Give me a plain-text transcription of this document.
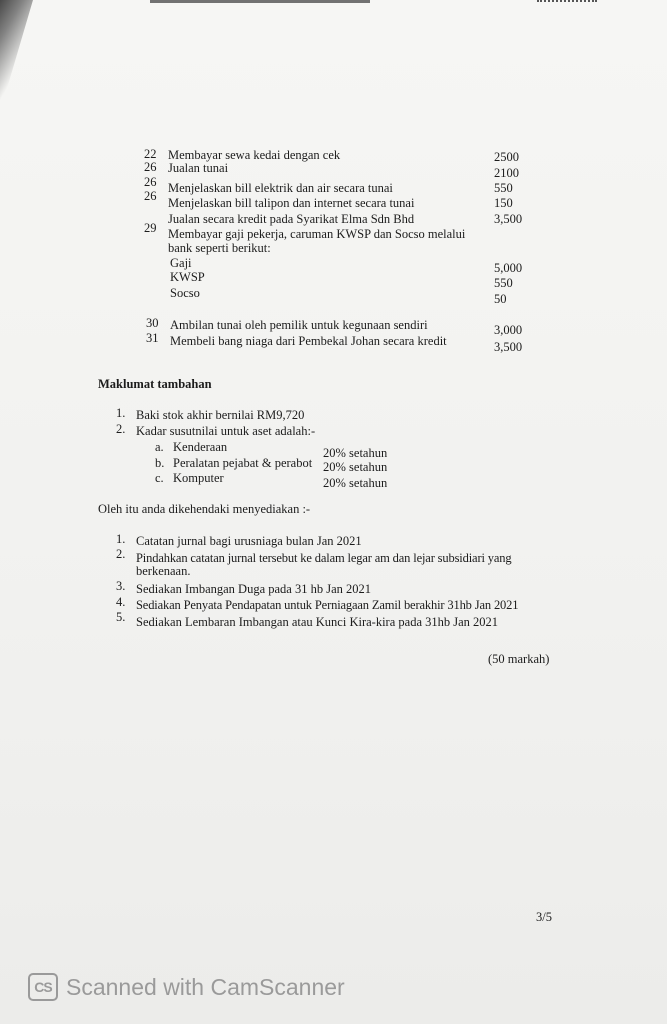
22 Membayar sewa kedai dengan cek	2500
26 Jualan tunai	2100
26 Menjelaskan bill elektrik dan air secara tunai	550
26 Menjelaskan bill talipon dan internet secara tunai	150
Jualan secara kredit pada Syarikat Elma Sdn Bhd	3,500
29 Membayar gaji pekerja, caruman KWSP dan Socso melalui
bank seperti berikut:
Gaji	5,000
KWSP	550
Socso	50
30 Ambilan tunai oleh pemilik untuk kegunaan sendiri	3,000
31 Membeli bang niaga dari Pembekal Johan secara kredit	3,500
Maklumat tambahan
1. Baki stok akhir bernilai RM9,720
2. Kadar susutnilai untuk aset adalah:-
a. Kenderaan	20% setahun
b. Peralatan pejabat & perabot 20% setahun
c. Komputer	20% setahun
Oleh itu anda dikehendaki menyediakan :-
1. Catatan jurnal bagi urusniaga bulan Jan 2021
2. Pindahkan catatan jurnal tersebut ke dalam legar am dan lejar subsidiari yang
berkenaan.
3. Sediakan Imbangan Duga pada 31 hb Jan 2021
4. Sediakan Penyata Pendapatan untuk Perniagaan Zamil berakhir 31hb Jan 2021
5. Sediakan Lembaran Imbangan atau Kunci Kira-kira pada 31hb Jan 2021
(50 markah)
3/5
CS Scanned with CamScanner
